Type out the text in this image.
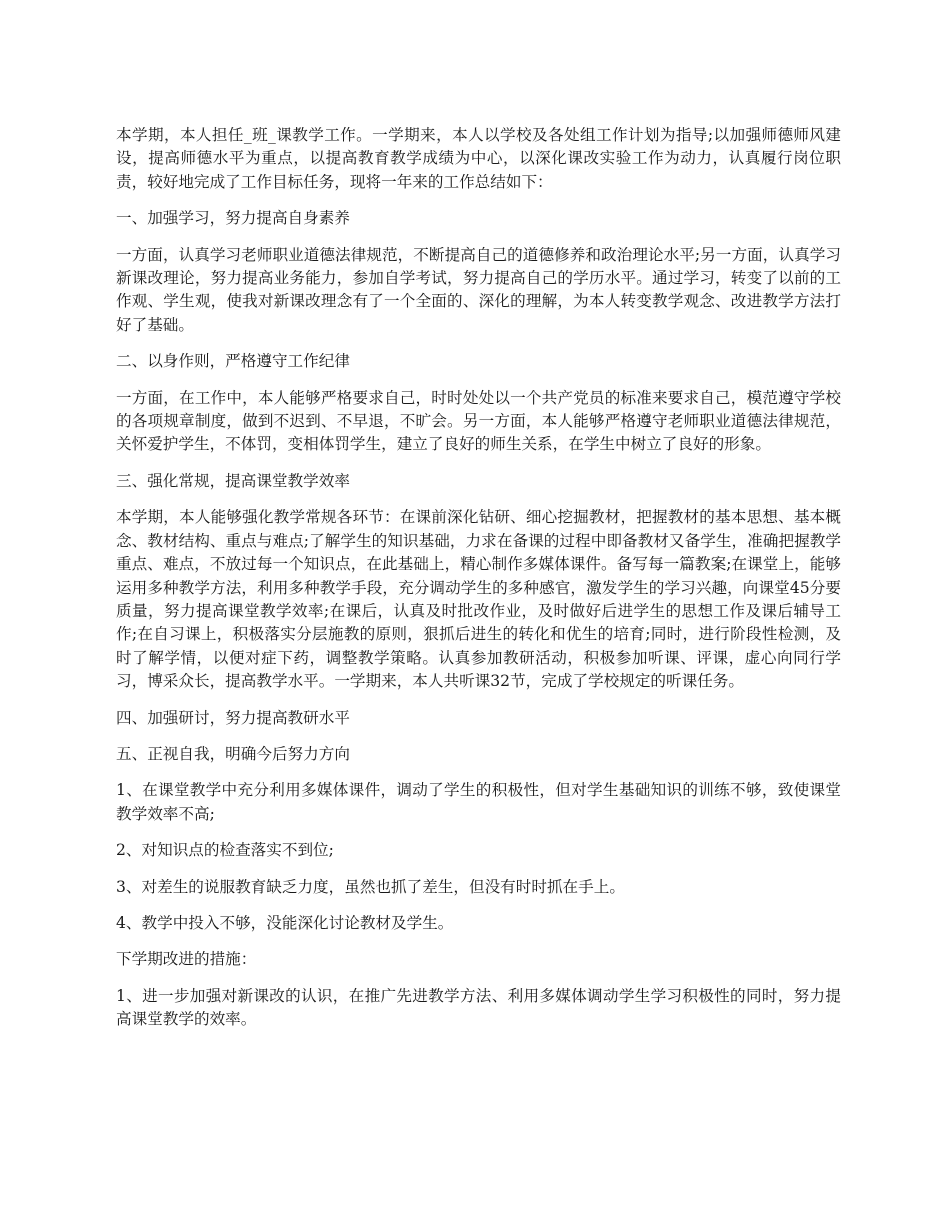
本学期，本人担任_班_课教学工作。一学期来，本人以学校及各处组工作计划为指导;以加强师德师风建设，提高师德水平为重点，以提高教育教学成绩为中心，以深化课改实验工作为动力，认真履行岗位职责，较好地完成了工作目标任务，现将一年来的工作总结如下：

一、加强学习，努力提高自身素养

一方面，认真学习老师职业道德法律规范，不断提高自己的道德修养和政治理论水平;另一方面，认真学习新课改理论，努力提高业务能力，参加自学考试，努力提高自己的学历水平。通过学习，转变了以前的工作观、学生观，使我对新课改理念有了一个全面的、深化的理解，为本人转变教学观念、改进教学方法打好了基础。

二、以身作则，严格遵守工作纪律

一方面，在工作中，本人能够严格要求自己，时时处处以一个共产党员的标准来要求自己，模范遵守学校的各项规章制度，做到不迟到、不早退，不旷会。另一方面，本人能够严格遵守老师职业道德法律规范，关怀爱护学生，不体罚，变相体罚学生，建立了良好的师生关系，在学生中树立了良好的形象。

三、强化常规，提高课堂教学效率

本学期，本人能够强化教学常规各环节：在课前深化钻研、细心挖掘教材，把握教材的基本思想、基本概念、教材结构、重点与难点;了解学生的知识基础，力求在备课的过程中即备教材又备学生，准确把握教学重点、难点，不放过每一个知识点，在此基础上，精心制作多媒体课件。备写每一篇教案;在课堂上，能够运用多种教学方法，利用多种教学手段，充分调动学生的多种感官，激发学生的学习兴趣，向课堂45分要质量，努力提高课堂教学效率;在课后，认真及时批改作业，及时做好后进学生的思想工作及课后辅导工作;在自习课上，积极落实分层施教的原则，狠抓后进生的转化和优生的培育;同时，进行阶段性检测，及时了解学情，以便对症下药，调整教学策略。认真参加教研活动，积极参加听课、评课，虚心向同行学习，博采众长，提高教学水平。一学期来，本人共听课32节，完成了学校规定的听课任务。

四、加强研讨，努力提高教研水平

五、正视自我，明确今后努力方向

1、在课堂教学中充分利用多媒体课件，调动了学生的积极性，但对学生基础知识的训练不够，致使课堂教学效率不高;

2、对知识点的检查落实不到位;

3、对差生的说服教育缺乏力度，虽然也抓了差生，但没有时时抓在手上。

4、教学中投入不够，没能深化讨论教材及学生。

下学期改进的措施：

1、进一步加强对新课改的认识，在推广先进教学方法、利用多媒体调动学生学习积极性的同时，努力提高课堂教学的效率。
